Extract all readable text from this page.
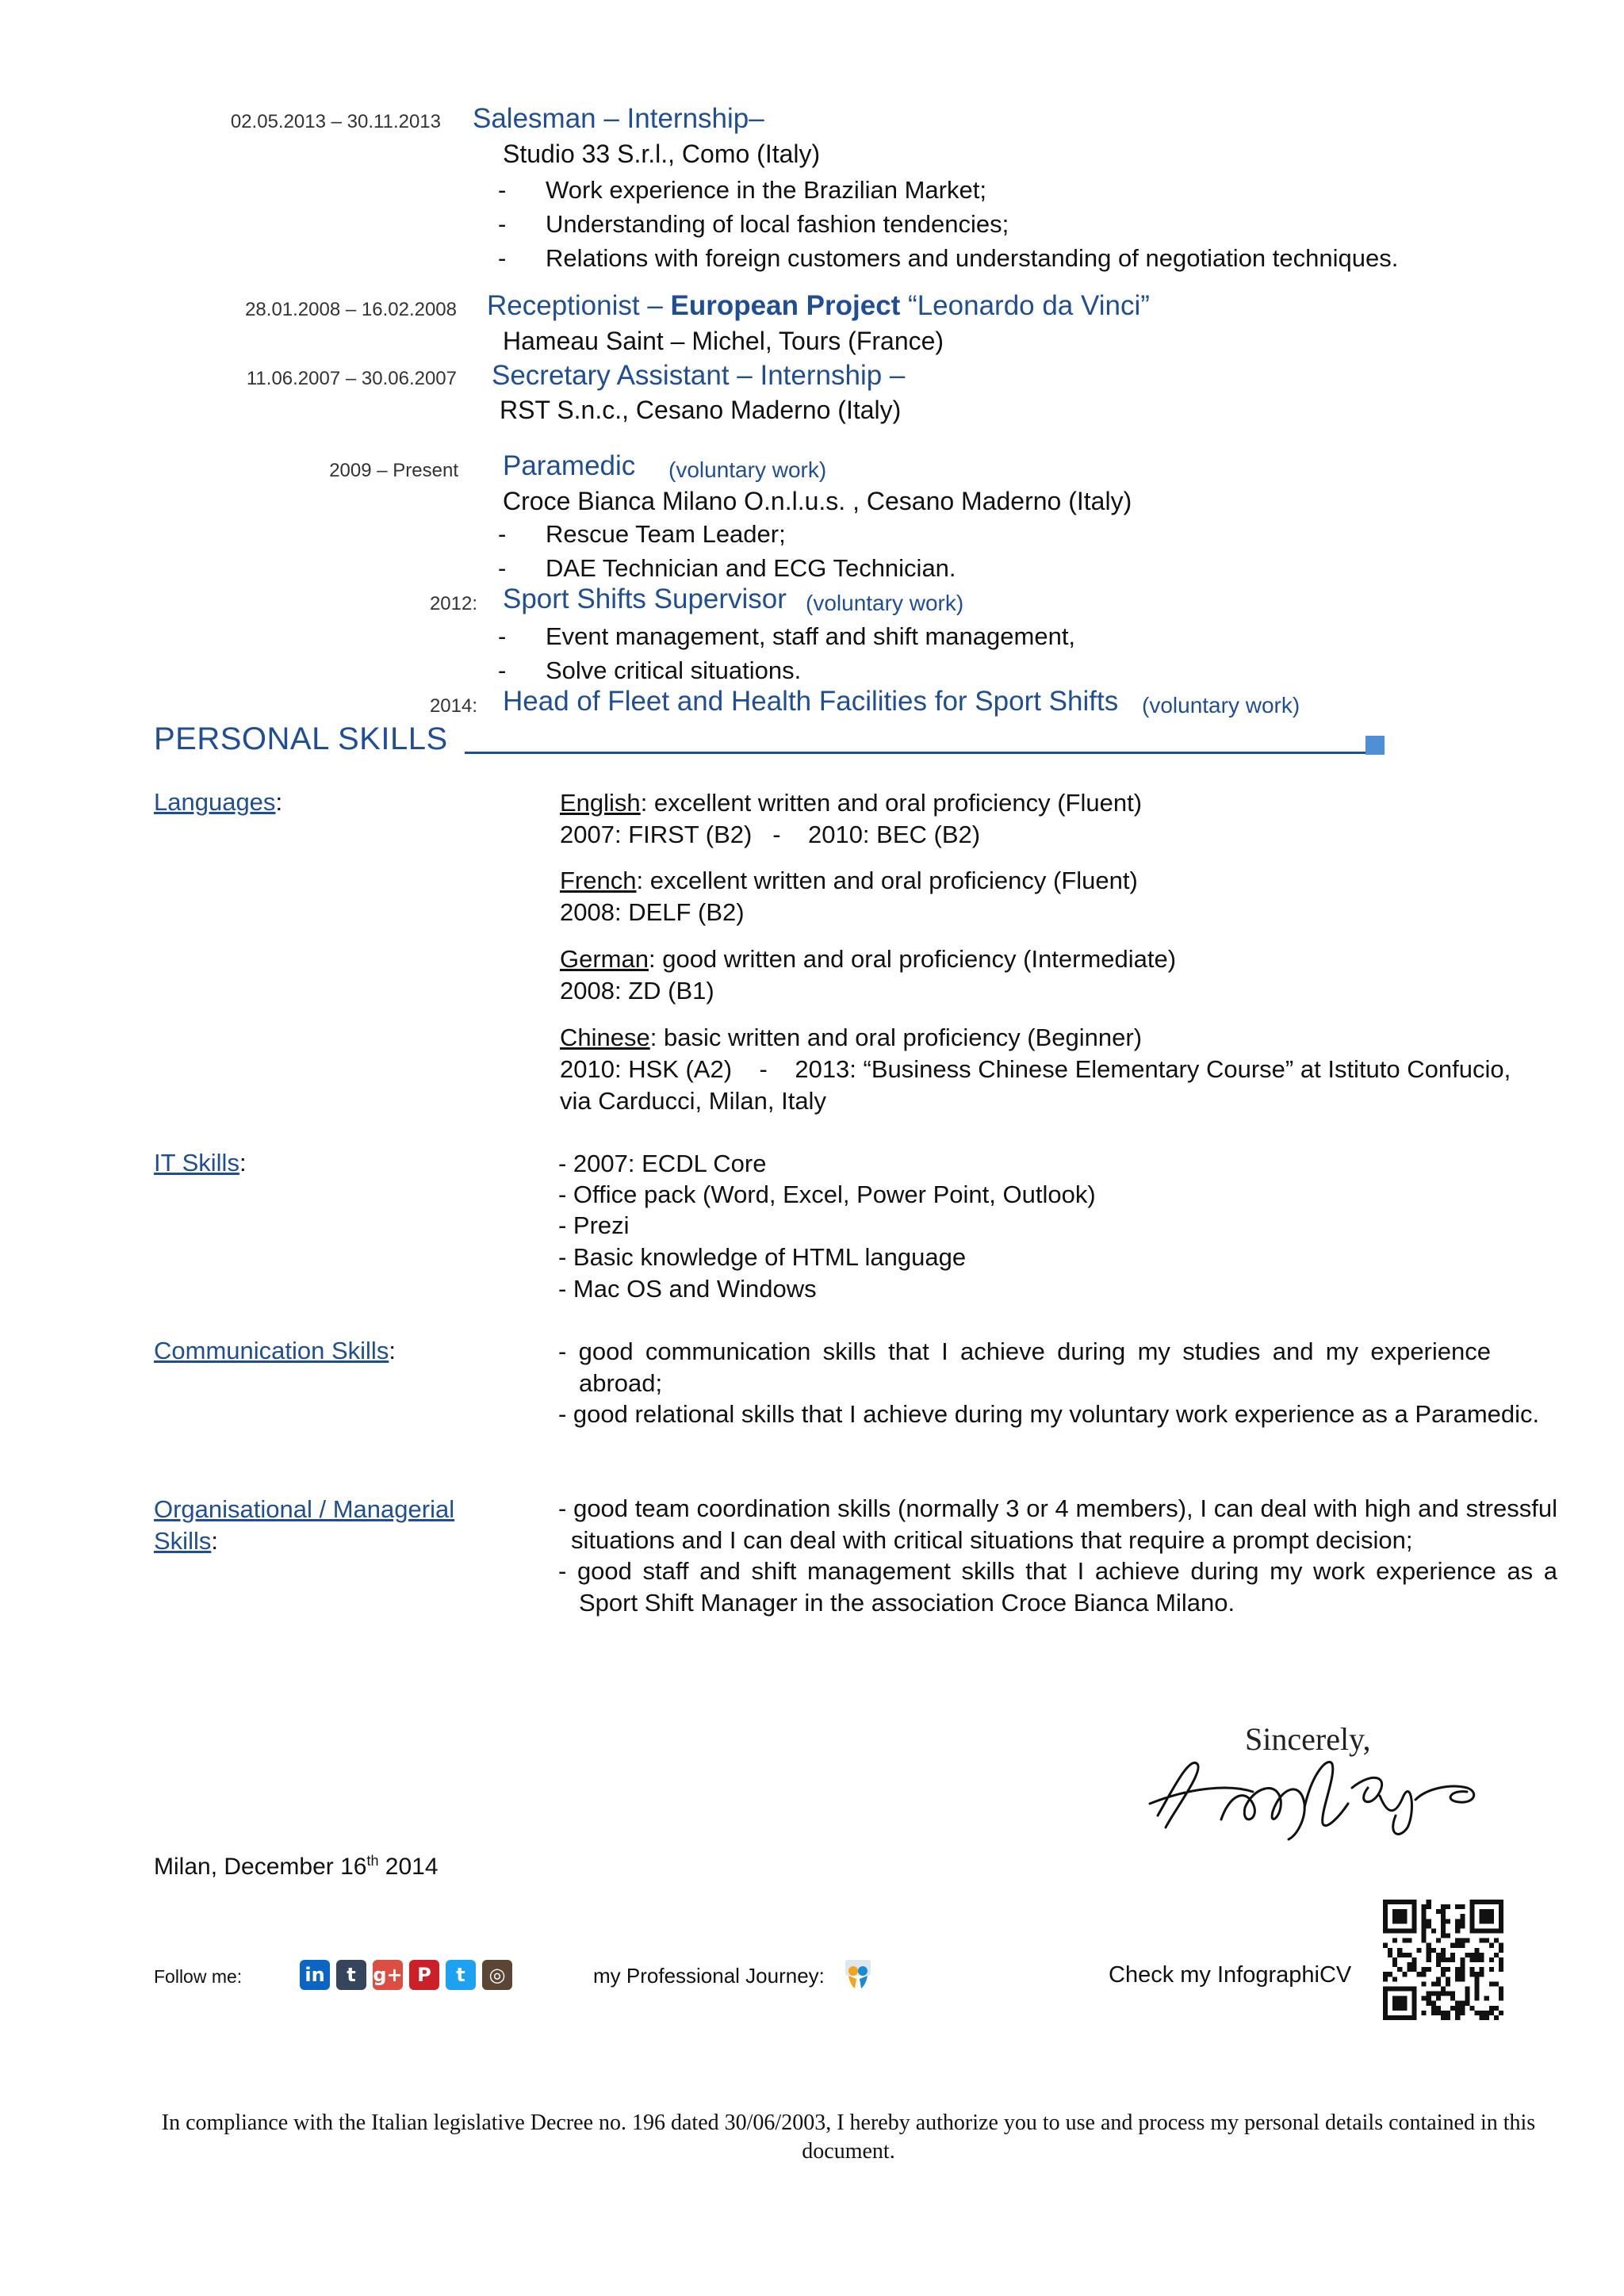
02.05.2013 – 30.11.2013 Salesman – Internship–
Studio 33 S.r.l., Como (Italy)
- Work experience in the Brazilian Market;
- Understanding of local fashion tendencies;
- Relations with foreign customers and understanding of negotiation techniques.
28.01.2008 – 16.02.2008 Receptionist – European Project “Leonardo da Vinci”
Hameau Saint – Michel, Tours (France)
11.06.2007 – 30.06.2007 Secretary Assistant – Internship –
RST S.n.c., Cesano Maderno (Italy)
2009 – Present Paramedic (voluntary work)
Croce Bianca Milano O.n.l.u.s. , Cesano Maderno (Italy)
- Rescue Team Leader;
- DAE Technician and ECG Technician.
2012: Sport Shifts Supervisor (voluntary work)
- Event management, staff and shift management,
- Solve critical situations.
2014: Head of Fleet and Health Facilities for Sport Shifts (voluntary work)
PERSONAL SKILLS
Languages:	English: excellent written and oral proficiency (Fluent)
2007: FIRST (B2)   -    2010: BEC (B2)
French: excellent written and oral proficiency (Fluent)
2008: DELF (B2)
German: good written and oral proficiency (Intermediate)
2008: ZD (B1)
Chinese: basic written and oral proficiency (Beginner)
2010: HSK (A2)    -    2013: “Business Chinese Elementary Course” at Istituto Confucio,
via Carducci, Milan, Italy
IT Skills:	- 2007: ECDL Core
- Office pack (Word, Excel, Power Point, Outlook)
- Prezi
- Basic knowledge of HTML language
- Mac OS and Windows
Communication Skills:	- good communication skills that I achieve during my studies and my experience abroad;
- good relational skills that I achieve during my voluntary work experience as a Paramedic.
Organisational / Managerial
Skills:
- good team coordination skills (normally 3 or 4 members), I can deal with high and stressful situations and I can deal with critical situations that require a prompt decision;
- good staff and shift management skills that I achieve during my work experience as a Sport Shift Manager in the association Croce Bianca Milano.
Sincerely,
Milan, December 16th 2014
Follow me:	in	t g+ P	t	◎	my Professional Journey:	Check my InfographiCV
In compliance with the Italian legislative Decree no. 196 dated 30/06/2003, I hereby authorize you to use and process my personal details contained in this document.
